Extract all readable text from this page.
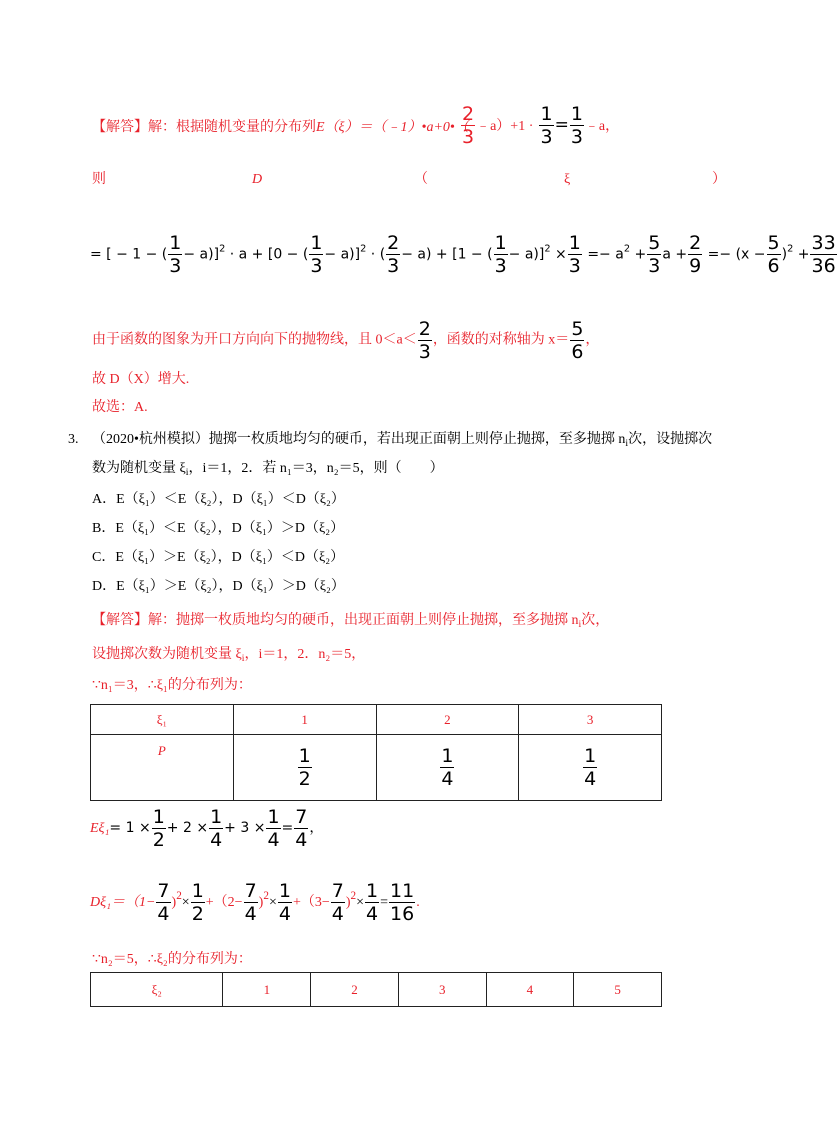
【解答】解：根据随机变量的分布列E（ξ）＝（﹣1）•a+0•（
$\frac{2}{3}$ ﹣a）+1 · $\frac{1}{3} = \frac{1}{3}$ ﹣a，
则	D	（	ξ	）
= [ − 1 − ( $\frac{1}{3} - a)]^2 \cdot a + [0$ − ( $\frac{1}{3} - a)]^2$ · ( $\frac{2}{3} - a) + [1$ − ( $\frac{1}{3} - a)]^2 \times \frac{1}{3} =- a^2 + \frac{5}{3}$ $a + \frac{2}{9} =- (x - \frac{5}{6} )^2 + \frac{33}{36}$
由于函数的图象为开口方向向下的抛物线，且 $0<a< \frac{2}{3}$ ，函数的对称轴为 $x= \frac{5}{6}$ ，
故 D（X）增大.
故选：A.
3. （2020•杭州模拟）抛掷一枚质地均匀的硬币，若出现正面朝上则停止抛掷，至多抛掷 $n_i$次，设抛掷次
数为随机变量 $\xi_i$，i＝1，2．若 n₁＝3，n₂＝5，则（　　）
A．E（ξ₁）＜E（ξ₂），D（ξ₁）＜D（ξ₂）
B．E（ξ₁）＜E（ξ₂），D（ξ₁）＞D（ξ₂）
C．E（ξ₁）＞E（ξ₂），D（ξ₁）＜D（ξ₂）
D．E（ξ₁）＞E（ξ₂），D（ξ₁）＞D（ξ₂）
【解答】解：抛掷一枚质地均匀的硬币，出现正面朝上则停止抛掷，至多抛掷 $n_i$次，
设抛掷次数为随机变量 $\xi_i$，i＝1，2．n₂＝5，
∵n₁＝3，∴ξ₁的分布列为：
ξ₁	1	2	3
P	$\frac{1}{2}$	$\frac{1}{4}$	$\frac{1}{4}$
$E\xi_1= 1 \times \frac{1}{2} + 2 \times \frac{1}{4} + 3 \times \frac{1}{4} = \frac{7}{4}$ ，
$D\xi_1=(1- \frac{7}{4} )^2\times \frac{1}{2} +(2- \frac{7}{4} )^2\times \frac{1}{4} +(3- \frac{7}{4} )^2\times \frac{1}{4} = \frac{11}{16}$ .
∵n₂＝5，∴ξ₂的分布列为：
ξ₂	1	2	3	4	5
